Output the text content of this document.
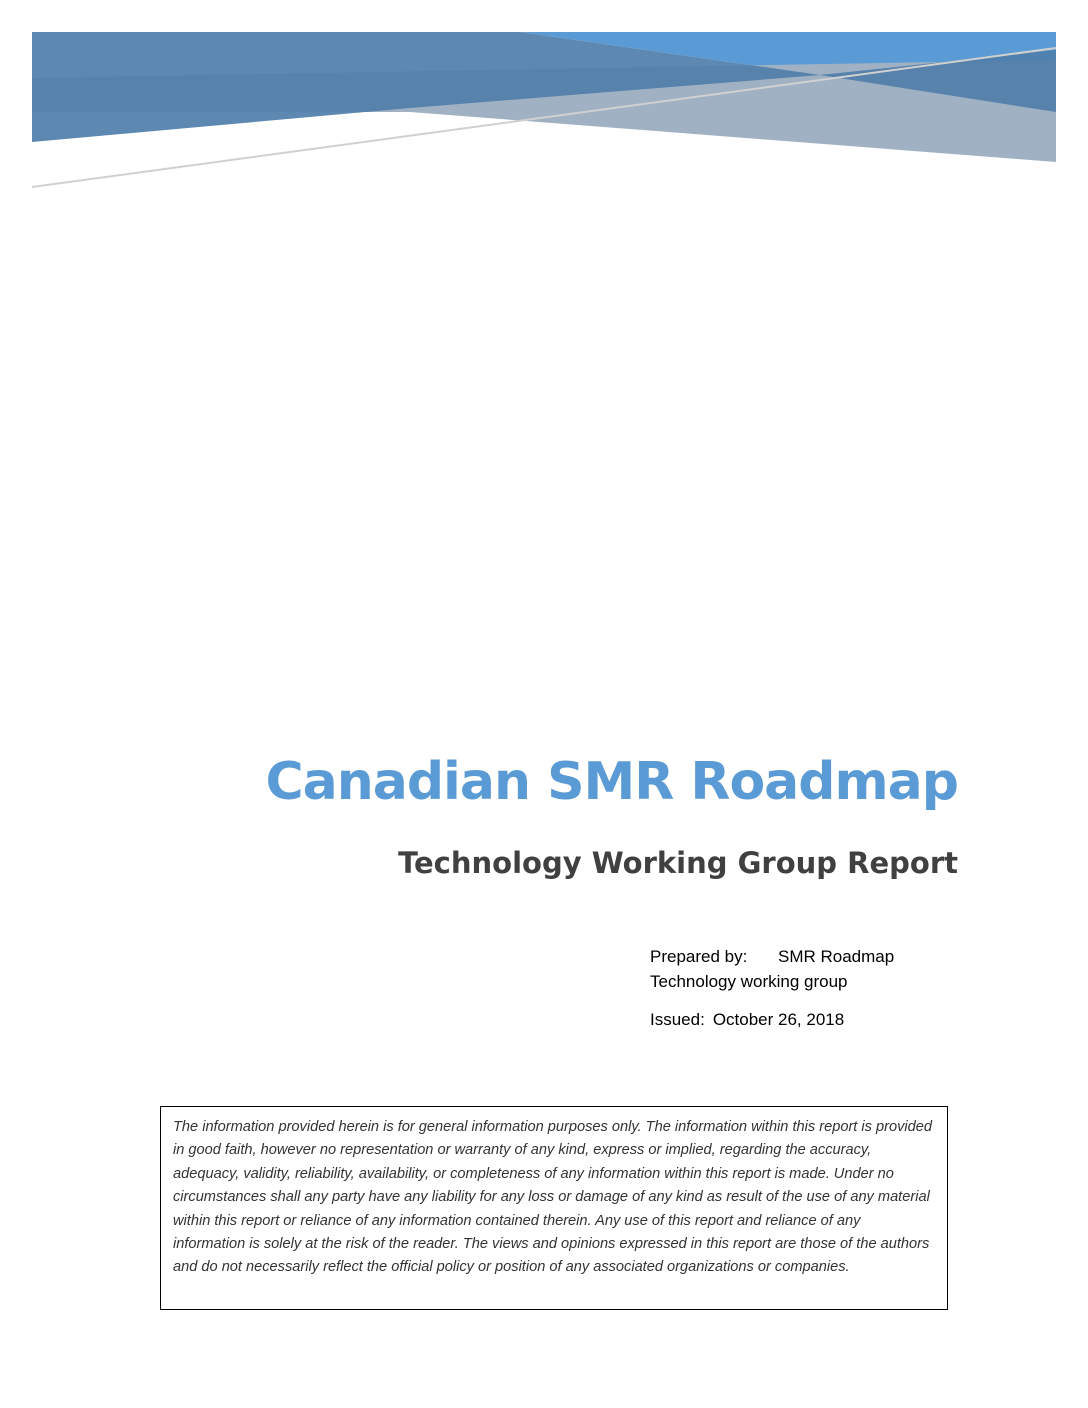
Canadian SMR Roadmap
Technology Working Group Report
Prepared by: SMR Roadmap
Technology working group
Issued: October 26, 2018
The information provided herein is for general information purposes only. The information within this report is provided in good faith, however no representation or warranty of any kind, express or implied, regarding the accuracy, adequacy, validity, reliability, availability, or completeness of any information within this report is made. Under no circumstances shall any party have any liability for any loss or damage of any kind as result of the use of any material within this report or reliance of any information contained therein. Any use of this report and reliance of any information is solely at the risk of the reader. The views and opinions expressed in this report are those of the authors and do not necessarily reflect the official policy or position of any associated organizations or companies.
